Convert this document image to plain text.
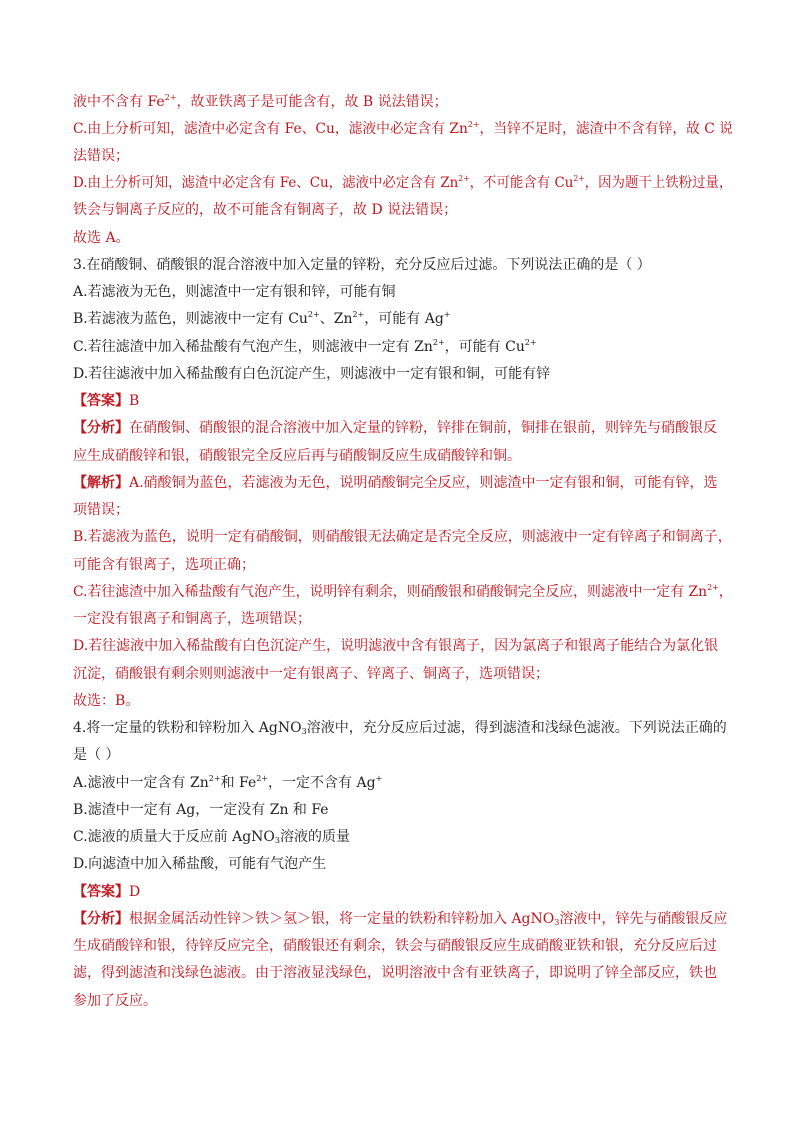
液中不含有 $Fe^{2+}$，故亚铁离子是可能含有，故 B 说法错误；
C.由上分析可知，滤渣中必定含有 Fe、Cu，滤液中必定含有 $Zn^{2+}$，当锌不足时，滤渣中不含有锌，故 C 说
法错误；
D.由上分析可知，滤渣中必定含有 Fe、Cu，滤液中必定含有 $Zn^{2+}$，不可能含有 $Cu^{2+}$，因为题干上铁粉过量，
铁会与铜离子反应的，故不可能含有铜离子，故 D 说法错误；
故选 A。
3.在硝酸铜、硝酸银的混合溶液中加入定量的锌粉，充分反应后过滤。下列说法正确的是（ ）
A.若滤液为无色，则滤渣中一定有银和锌，可能有铜
B.若滤液为蓝色，则滤液中一定有 $Cu^{2+}$、$Zn^{2+}$，可能有 Ag+
C.若往滤渣中加入稀盐酸有气泡产生，则滤液中一定有 $Zn^{2+}$，可能有 $Cu^{2+}$
D.若往滤液中加入稀盐酸有白色沉淀产生，则滤液中一定有银和铜，可能有锌
【答案】B
【分析】在硝酸铜、硝酸银的混合溶液中加入定量的锌粉，锌排在铜前，铜排在银前，则锌先与硝酸银反
应生成硝酸锌和银，硝酸银完全反应后再与硝酸铜反应生成硝酸锌和铜。
【解析】A.硝酸铜为蓝色，若滤液为无色，说明硝酸铜完全反应，则滤渣中一定有银和铜，可能有锌，选
项错误；
B.若滤液为蓝色，说明一定有硝酸铜，则硝酸银无法确定是否完全反应，则滤液中一定有锌离子和铜离子，
可能含有银离子，选项正确；
C.若往滤渣中加入稀盐酸有气泡产生，说明锌有剩余，则硝酸银和硝酸铜完全反应，则滤液中一定有 $Zn^{2+}$，
一定没有银离子和铜离子，选项错误；
D.若往滤液中加入稀盐酸有白色沉淀产生，说明滤液中含有银离子，因为氯离子和银离子能结合为氯化银
沉淀，硝酸银有剩余则则滤液中一定有银离子、锌离子、铜离子，选项错误；
故选：B。
4.将一定量的铁粉和锌粉加入 AgNO$_3$溶液中，充分反应后过滤，得到滤渣和浅绿色滤液。下列说法正确的
是（ ）
A.滤液中一定含有 $Zn^{2+}$和 $Fe^{2+}$，一定不含有 Ag+
B.滤渣中一定有 Ag，一定没有 Zn 和 Fe
C.滤液的质量大于反应前 AgNO$_3$溶液的质量
D.向滤渣中加入稀盐酸，可能有气泡产生
【答案】D
【分析】根据金属活动性锌＞铁＞氢＞银，将一定量的铁粉和锌粉加入 AgNO$_3$溶液中，锌先与硝酸银反应
生成硝酸锌和银，待锌反应完全，硝酸银还有剩余，铁会与硝酸银反应生成硝酸亚铁和银，充分反应后过
滤，得到滤渣和浅绿色滤液。由于溶液显浅绿色，说明溶液中含有亚铁离子，即说明了锌全部反应，铁也
参加了反应。
